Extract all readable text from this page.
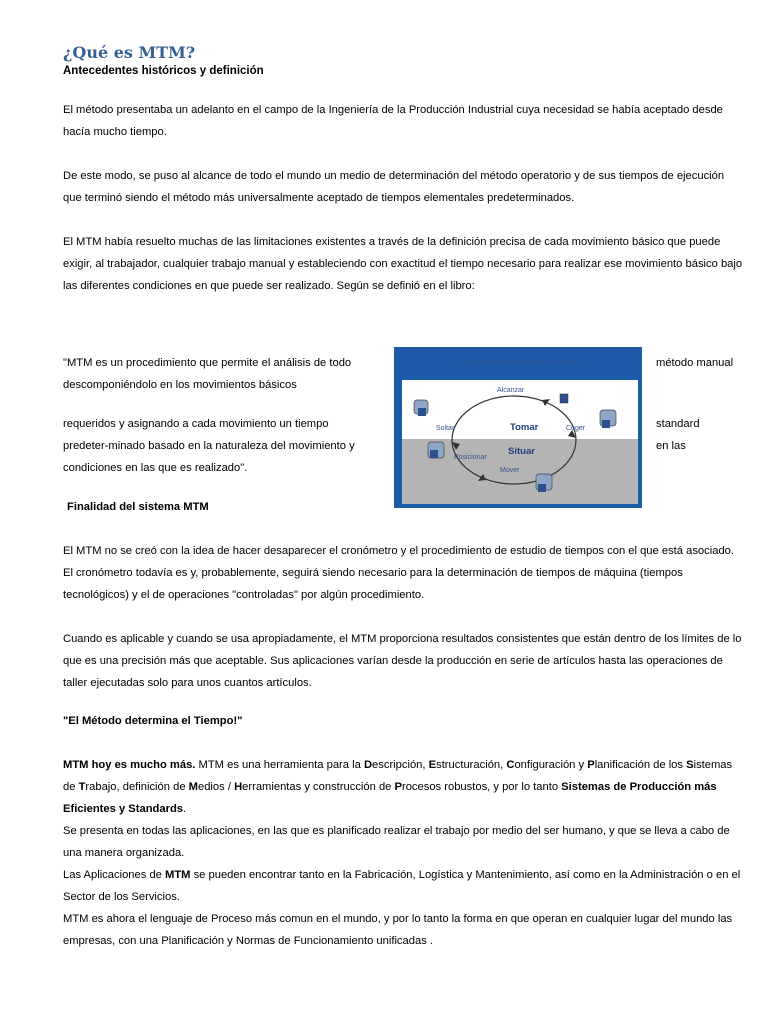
¿Qué es MTM?
Antecedentes históricos y definición

El método presentaba un adelanto en el campo de la Ingeniería de la Producción Industrial cuya necesidad se había aceptado desde hacía mucho tiempo.

De este modo, se puso al alcance de todo el mundo un medio de determinación del método operatorio y de sus tiempos de ejecución que terminó siendo el método más universalmente aceptado de tiempos elementales predeterminados.

El MTM había resuelto muchas de las limitaciones existentes a través de la definición precisa de cada movimiento básico que puede exigir, al trabajador, cualquier trabajo manual y estableciendo con exactitud el tiempo necesario para realizar ese movimiento básico bajo las diferentes condiciones en que puede ser realizado. Según se definió en el libro:

"MTM es un procedimiento que permite el análisis de todo	método manual
descomponiéndolo en los movimientos básicos
requeridos y asignando a cada movimiento un tiempo	standard
predeter-minado basado en la naturaleza del movimiento y	en las
condiciones en las que es realizado".
Ciclo de movimientos básicos
Alcanzar
Soltar	Coger
Tomar
Situar
Posicionar
Mover
Finalidad del sistema MTM

El MTM no se creó con la idea de hacer desaparecer el cronómetro y el procedimiento de estudio de tiempos con el que está asociado. El cronómetro todavía es y, probablemente, seguirá siendo necesario para la determinación de tiempos de máquina (tiempos tecnológicos) y el de operaciones "controladas" por algún procedimiento.

Cuando es aplicable y cuando se usa apropiadamente, el MTM proporciona resultados consistentes que están dentro de los límites de lo que es una precisión más que aceptable. Sus aplicaciones varían desde la producción en serie de artículos hasta las operaciones de taller ejecutadas solo para unos cuantos artículos.

"El Método determina el Tiempo!"

MTM hoy es mucho más. MTM es una herramienta para la Descripción, Estructuración, Configuración y Planificación de los Sistemas de Trabajo, definición de Medios / Herramientas y construcción de Procesos robustos, y por lo tanto Sistemas de Producción más Eficientes y Standards.

Se presenta en todas las aplicaciones, en las que es planificado realizar el trabajo por medio del ser humano, y que se lleva a cabo de una manera organizada.

Las Aplicaciones de MTM se pueden encontrar tanto en la Fabricación, Logística y Mantenimiento, así como en la Administración o en el Sector de los Servicios.

MTM es ahora el lenguaje de Proceso más comun en el mundo, y por lo tanto la forma en que operan en cualquier lugar del mundo las empresas, con una Planificación y Normas de Funcionamiento unificadas .
